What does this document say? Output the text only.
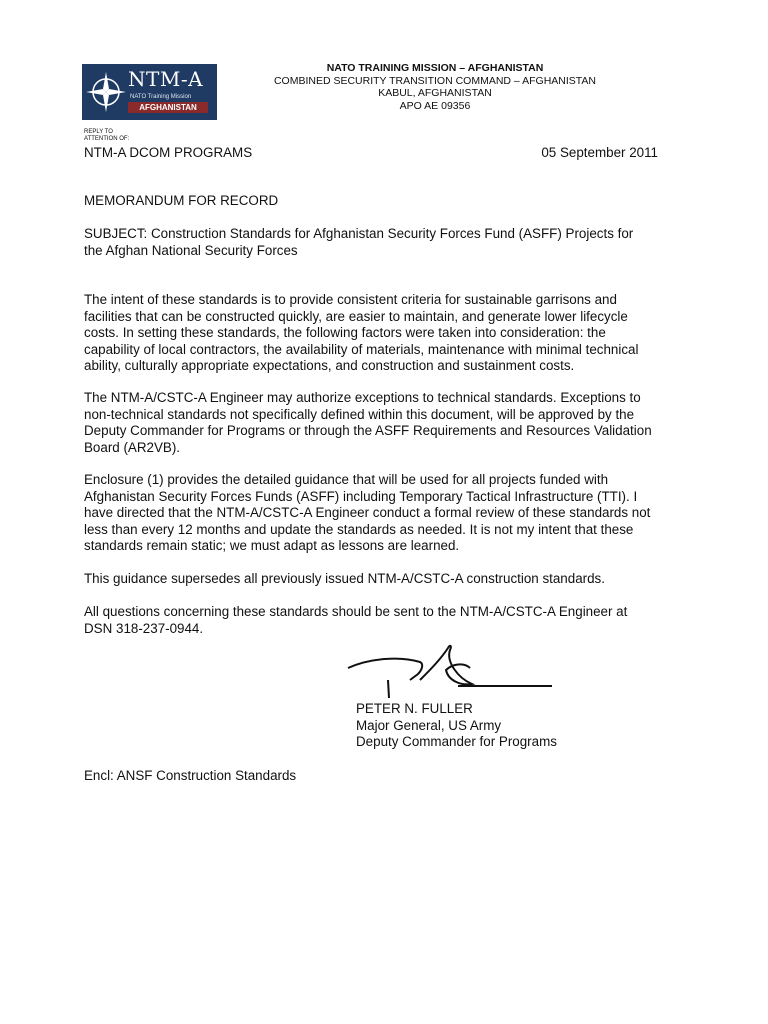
NTM-A
NATO Training Mission
AFGHANISTAN
NATO TRAINING MISSION – AFGHANISTAN
COMBINED SECURITY TRANSITION COMMAND – AFGHANISTAN
KABUL, AFGHANISTAN
APO AE 09356
REPLY TO
ATTENTION OF:
NTM-A DCOM PROGRAMS	05 September 2011
MEMORANDUM FOR RECORD
SUBJECT: Construction Standards for Afghanistan Security Forces Fund (ASFF) Projects for
the Afghan National Security Forces
The intent of these standards is to provide consistent criteria for sustainable garrisons and
facilities that can be constructed quickly, are easier to maintain, and generate lower lifecycle
costs. In setting these standards, the following factors were taken into consideration: the
capability of local contractors, the availability of materials, maintenance with minimal technical
ability, culturally appropriate expectations, and construction and sustainment costs.
The NTM-A/CSTC-A Engineer may authorize exceptions to technical standards. Exceptions to
non-technical standards not specifically defined within this document, will be approved by the
Deputy Commander for Programs or through the ASFF Requirements and Resources Validation
Board (AR2VB).
Enclosure (1) provides the detailed guidance that will be used for all projects funded with
Afghanistan Security Forces Funds (ASFF) including Temporary Tactical Infrastructure (TTI). I
have directed that the NTM-A/CSTC-A Engineer conduct a formal review of these standards not
less than every 12 months and update the standards as needed. It is not my intent that these
standards remain static; we must adapt as lessons are learned.
This guidance supersedes all previously issued NTM-A/CSTC-A construction standards.
All questions concerning these standards should be sent to the NTM-A/CSTC-A Engineer at
DSN 318-237-0944.
PETER N. FULLER
Major General, US Army
Deputy Commander for Programs
Encl: ANSF Construction Standards
